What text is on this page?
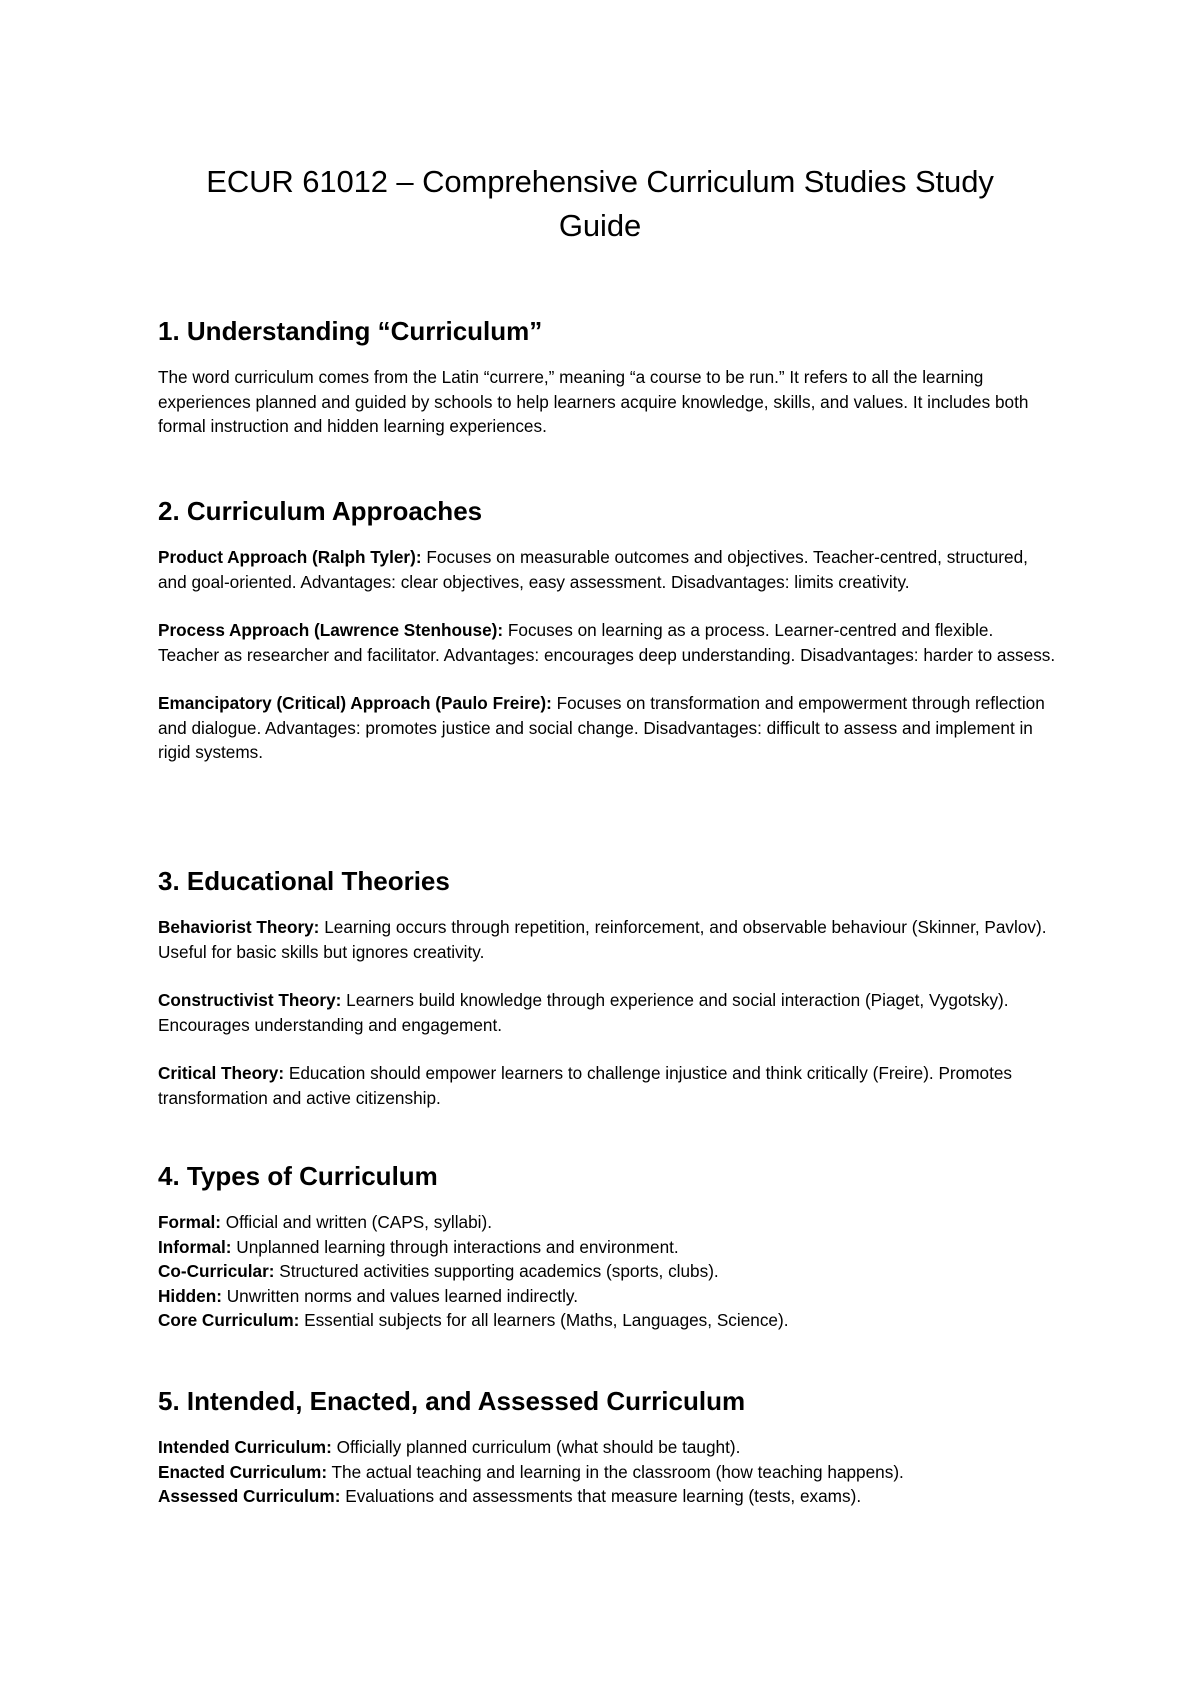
ECUR 61012 – Comprehensive Curriculum Studies Study
Guide
1. Understanding “Curriculum”

The word curriculum comes from the Latin “currere,” meaning “a course to be run.” It refers to all the learning experiences planned and guided by schools to help learners acquire knowledge, skills, and values. It includes both formal instruction and hidden learning experiences.

2. Curriculum Approaches

Product Approach (Ralph Tyler): Focuses on measurable outcomes and objectives. Teacher-centred, structured, and goal-oriented. Advantages: clear objectives, easy assessment. Disadvantages: limits creativity.

Process Approach (Lawrence Stenhouse): Focuses on learning as a process. Learner-centred and flexible. Teacher as researcher and facilitator. Advantages: encourages deep understanding. Disadvantages: harder to assess.

Emancipatory (Critical) Approach (Paulo Freire): Focuses on transformation and empowerment through reflection and dialogue. Advantages: promotes justice and social change. Disadvantages: difficult to assess and implement in rigid systems.

3. Educational Theories

Behaviorist Theory: Learning occurs through repetition, reinforcement, and observable behaviour (Skinner, Pavlov). Useful for basic skills but ignores creativity.

Constructivist Theory: Learners build knowledge through experience and social interaction (Piaget, Vygotsky). Encourages understanding and engagement.

Critical Theory: Education should empower learners to challenge injustice and think critically (Freire). Promotes transformation and active citizenship.

4. Types of Curriculum
Formal: Official and written (CAPS, syllabi).
Informal: Unplanned learning through interactions and environment.
Co-Curricular: Structured activities supporting academics (sports, clubs).
Hidden: Unwritten norms and values learned indirectly.
Core Curriculum: Essential subjects for all learners (Maths, Languages, Science).
5. Intended, Enacted, and Assessed Curriculum
Intended Curriculum: Officially planned curriculum (what should be taught).
Enacted Curriculum: The actual teaching and learning in the classroom (how teaching happens).
Assessed Curriculum: Evaluations and assessments that measure learning (tests, exams).
